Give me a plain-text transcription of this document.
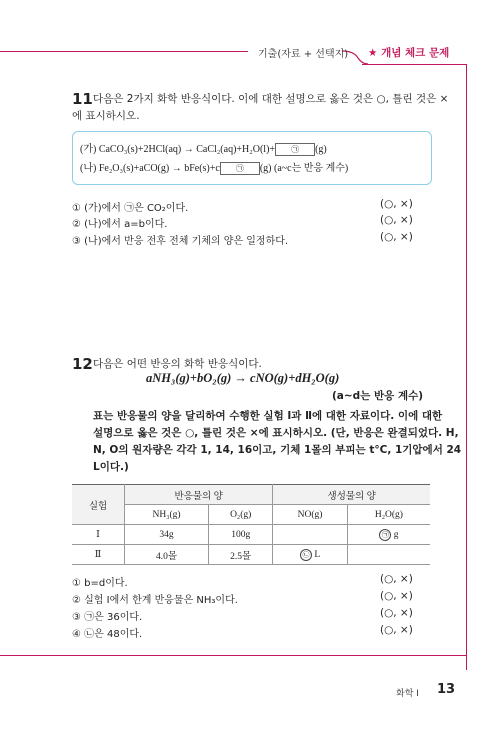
기출(자료 + 선택지) ★ 개념 체크 문제
11 다음은 2가지 화학 반응식이다. 이에 대한 설명으로 옳은 것은 ○, 틀린 것은 ×
에 표시하시오.
(가) CaCO₃(s)+2HCl(aq) → CaCl₂(aq)+H₂O(l)+ ㉠ (g)
(나) Fe₂O₃(s)+aCO(g) → bFe(s)+c ㉠ (g) (a~c는 반응 계수)
① (가)에서 ㉠은 CO₂이다.	(○, ×)
② (나)에서 a=b이다.	(○, ×)
③ (나)에서 반응 전후 전체 기체의 양은 일정하다.	(○, ×)
12 다음은 어떤 반응의 화학 반응식이다.
aNH₃(g)+bO₂(g) → cNO(g)+dH₂O(g)
(a~d는 반응 계수)
표는 반응물의 양을 달리하여 수행한 실험 Ⅰ과 Ⅱ에 대한 자료이다. 이에 대한
설명으로 옳은 것은 ○, 틀린 것은 ×에 표시하시오. (단, 반응은 완결되었다. H,
N, O의 원자량은 각각 1, 14, 16이고, 기체 1몰의 부피는 t°C, 1기압에서 24
L이다.)
실험	반응물의 양		생성물의 양	
	NH₃(g)	O₂(g)	NO(g)	H₂O(g)
Ⅰ	34g	100g		㉠ g
Ⅱ	4.0몰	2.5몰	㉡ L	
① b=d이다.	(○, ×)
② 실험 Ⅰ에서 한계 반응물은 NH₃이다.	(○, ×)
③ ㉠은 36이다.	(○, ×)
④ ㉡은 48이다.	(○, ×)
화학 Ⅰ 13
